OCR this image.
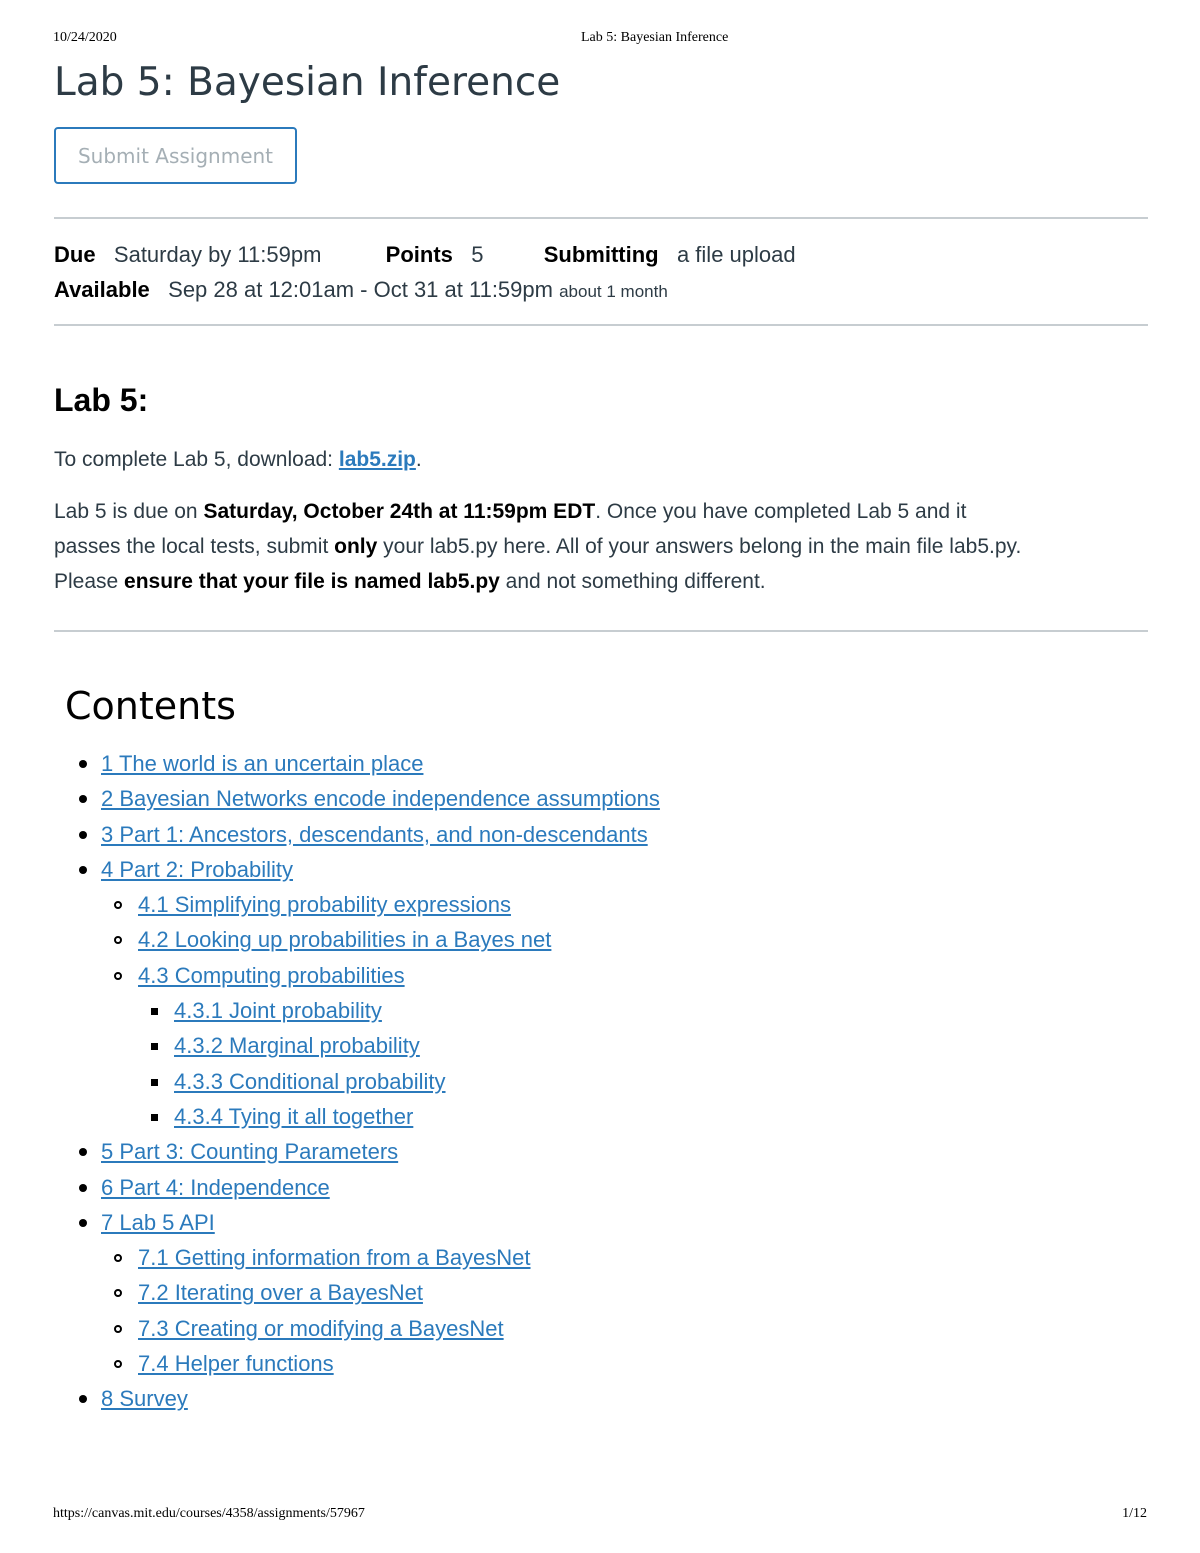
10/24/2020	Lab 5: Bayesian Inference
Lab 5: Bayesian Inference
Submit Assignment
Due Saturday by 11:59pm	Points 5	Submitting a file upload
Available Sep 28 at 12:01am - Oct 31 at 11:59pm about 1 month
Lab 5:

To complete Lab 5, download: lab5.zip.

Lab 5 is due on Saturday, October 24th at 11:59pm EDT. Once you have completed Lab 5 and it

passes the local tests, submit only your lab5.py here. All of your answers belong in the main file lab5.py.

Please ensure that your file is named lab5.py and not something different.

Contents
1 The world is an uncertain place
2 Bayesian Networks encode independence assumptions
3 Part 1: Ancestors, descendants, and non-descendants
4 Part 2: Probability
4.1 Simplifying probability expressions
4.2 Looking up probabilities in a Bayes net
4.3 Computing probabilities
4.3.1 Joint probability
4.3.2 Marginal probability
4.3.3 Conditional probability
4.3.4 Tying it all together
5 Part 3: Counting Parameters
6 Part 4: Independence
7 Lab 5 API
7.1 Getting information from a BayesNet
7.2 Iterating over a BayesNet
7.3 Creating or modifying a BayesNet
7.4 Helper functions
8 Survey
https://canvas.mit.edu/courses/4358/assignments/57967	1/12
